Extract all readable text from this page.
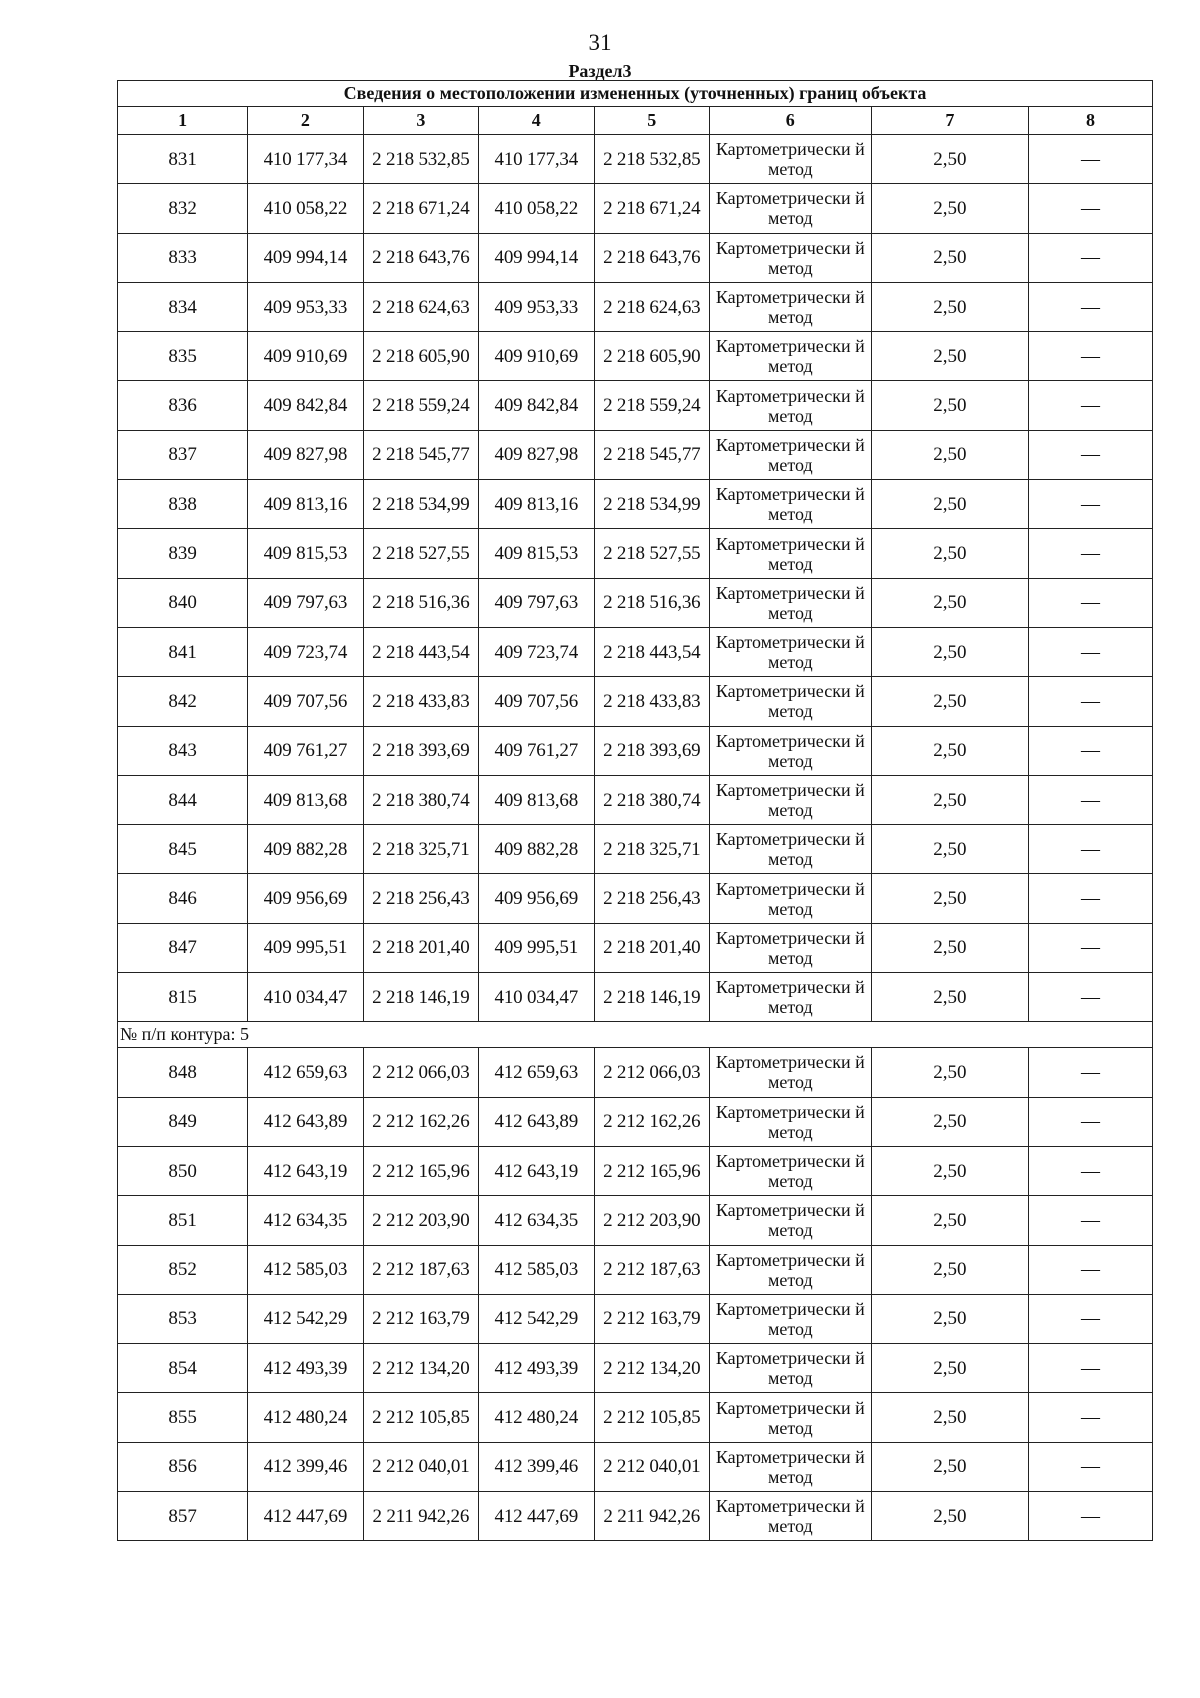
31
Раздел3
Сведения о местоположении измененных (уточненных) границ объекта							
1	2	3	4	5	6	7	8
831	410 177,34	2 218 532,85	410 177,34	2 218 532,85	Картометрически й метод	2,50	—
832	410 058,22	2 218 671,24	410 058,22	2 218 671,24	Картометрически й метод	2,50	—
833	409 994,14	2 218 643,76	409 994,14	2 218 643,76	Картометрически й метод	2,50	—
834	409 953,33	2 218 624,63	409 953,33	2 218 624,63	Картометрически й метод	2,50	—
835	409 910,69	2 218 605,90	409 910,69	2 218 605,90	Картометрически й метод	2,50	—
836	409 842,84	2 218 559,24	409 842,84	2 218 559,24	Картометрически й метод	2,50	—
837	409 827,98	2 218 545,77	409 827,98	2 218 545,77	Картометрически й метод	2,50	—
838	409 813,16	2 218 534,99	409 813,16	2 218 534,99	Картометрически й метод	2,50	—
839	409 815,53	2 218 527,55	409 815,53	2 218 527,55	Картометрически й метод	2,50	—
840	409 797,63	2 218 516,36	409 797,63	2 218 516,36	Картометрически й метод	2,50	—
841	409 723,74	2 218 443,54	409 723,74	2 218 443,54	Картометрически й метод	2,50	—
842	409 707,56	2 218 433,83	409 707,56	2 218 433,83	Картометрически й метод	2,50	—
843	409 761,27	2 218 393,69	409 761,27	2 218 393,69	Картометрически й метод	2,50	—
844	409 813,68	2 218 380,74	409 813,68	2 218 380,74	Картометрически й метод	2,50	—
845	409 882,28	2 218 325,71	409 882,28	2 218 325,71	Картометрически й метод	2,50	—
846	409 956,69	2 218 256,43	409 956,69	2 218 256,43	Картометрически й метод	2,50	—
847	409 995,51	2 218 201,40	409 995,51	2 218 201,40	Картометрически й метод	2,50	—
815	410 034,47	2 218 146,19	410 034,47	2 218 146,19	Картометрически й метод	2,50	—
№ п/п контура: 5							
848	412 659,63	2 212 066,03	412 659,63	2 212 066,03	Картометрически й метод	2,50	—
849	412 643,89	2 212 162,26	412 643,89	2 212 162,26	Картометрически й метод	2,50	—
850	412 643,19	2 212 165,96	412 643,19	2 212 165,96	Картометрически й метод	2,50	—
851	412 634,35	2 212 203,90	412 634,35	2 212 203,90	Картометрически й метод	2,50	—
852	412 585,03	2 212 187,63	412 585,03	2 212 187,63	Картометрически й метод	2,50	—
853	412 542,29	2 212 163,79	412 542,29	2 212 163,79	Картометрически й метод	2,50	—
854	412 493,39	2 212 134,20	412 493,39	2 212 134,20	Картометрически й метод	2,50	—
855	412 480,24	2 212 105,85	412 480,24	2 212 105,85	Картометрически й метод	2,50	—
856	412 399,46	2 212 040,01	412 399,46	2 212 040,01	Картометрически й метод	2,50	—
857	412 447,69	2 211 942,26	412 447,69	2 211 942,26	Картометрически й метод	2,50	—
